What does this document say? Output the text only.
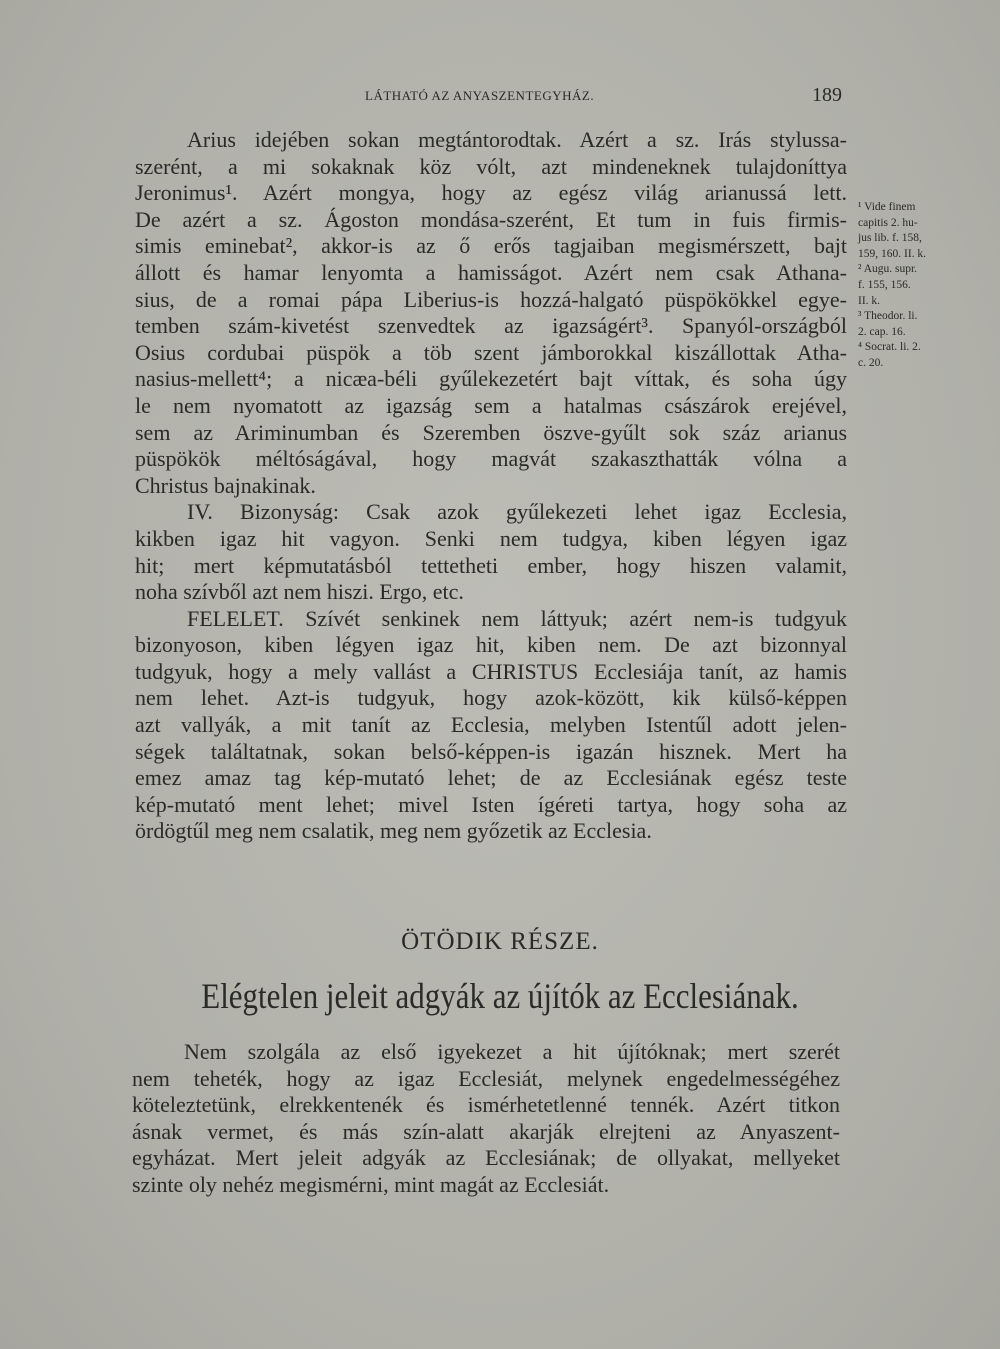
LÁTHATÓ AZ ANYASZENTEGYHÁZ.	189
Arius idejében sokan megtántorodtak. Azért a sz. Irás stylussa-
szerént, a mi sokaknak köz vólt, azt mindeneknek tulajdoníttya
Jeronimus¹. Azért mongya, hogy az egész világ arianussá lett.
De azért a sz. Ágoston mondása-szerént, Et tum in fuis firmis-
simis eminebat², akkor-is az ő erős tagjaiban megismérszett, bajt
állott és hamar lenyomta a hamisságot. Azért nem csak Athana-
sius, de a romai pápa Liberius-is hozzá-halgató püspökökkel egye-
temben szám-kivetést szenvedtek az igazságért³. Spanyól-országból
Osius cordubai püspök a töb szent jámborokkal kiszállottak Atha-
nasius-mellett⁴; a nicæa-béli gyűlekezetért bajt víttak, és soha úgy
le nem nyomatott az igazság sem a hatalmas császárok erejével,
sem az Ariminumban és Szeremben öszve-gyűlt sok száz arianus
püspökök méltóságával, hogy magvát szakaszthatták vólna a
Christus bajnakinak.
IV. Bizonyság: Csak azok gyűlekezeti lehet igaz Ecclesia,
kikben igaz hit vagyon. Senki nem tudgya, kiben légyen igaz
hit; mert képmutatásból tettetheti ember, hogy hiszen valamit,
noha szívből azt nem hiszi. Ergo, etc.
FELELET. Szívét senkinek nem láttyuk; azért nem-is tudgyuk
bizonyoson, kiben légyen igaz hit, kiben nem. De azt bizonnyal
tudgyuk, hogy a mely vallást a CHRISTUS Ecclesiája tanít, az hamis
nem lehet. Azt-is tudgyuk, hogy azok-között, kik külső-képpen
azt vallyák, a mit tanít az Ecclesia, melyben Istentűl adott jelen-
ségek találtatnak, sokan belső-képpen-is igazán hisznek. Mert ha
emez amaz tag kép-mutató lehet; de az Ecclesiának egész teste
kép-mutató ment lehet; mivel Isten ígéreti tartya, hogy soha az
ördögtűl meg nem csalatik, meg nem győzetik az Ecclesia.
¹ Vide finem
capitis 2. hu-
jus lib. f. 158,
159, 160. II. k.
² Augu. supr.
f. 155, 156.
II. k.
³ Theodor. li.
2. cap. 16.
⁴ Socrat. li. 2.
c. 20.
ÖTÖDIK RÉSZE.
Elégtelen jeleit adgyák az újítók az Ecclesiának.
Nem szolgála az első igyekezet a hit újítóknak; mert szerét
nem teheték, hogy az igaz Ecclesiát, melynek engedelmességéhez
köteleztetünk, elrekkentenék és ismérhetetlenné tennék. Azért titkon
ásnak vermet, és más szín-alatt akarják elrejteni az Anyaszent-
egyházat. Mert jeleit adgyák az Ecclesiának; de ollyakat, mellyeket
szinte oly nehéz megismérni, mint magát az Ecclesiát.
